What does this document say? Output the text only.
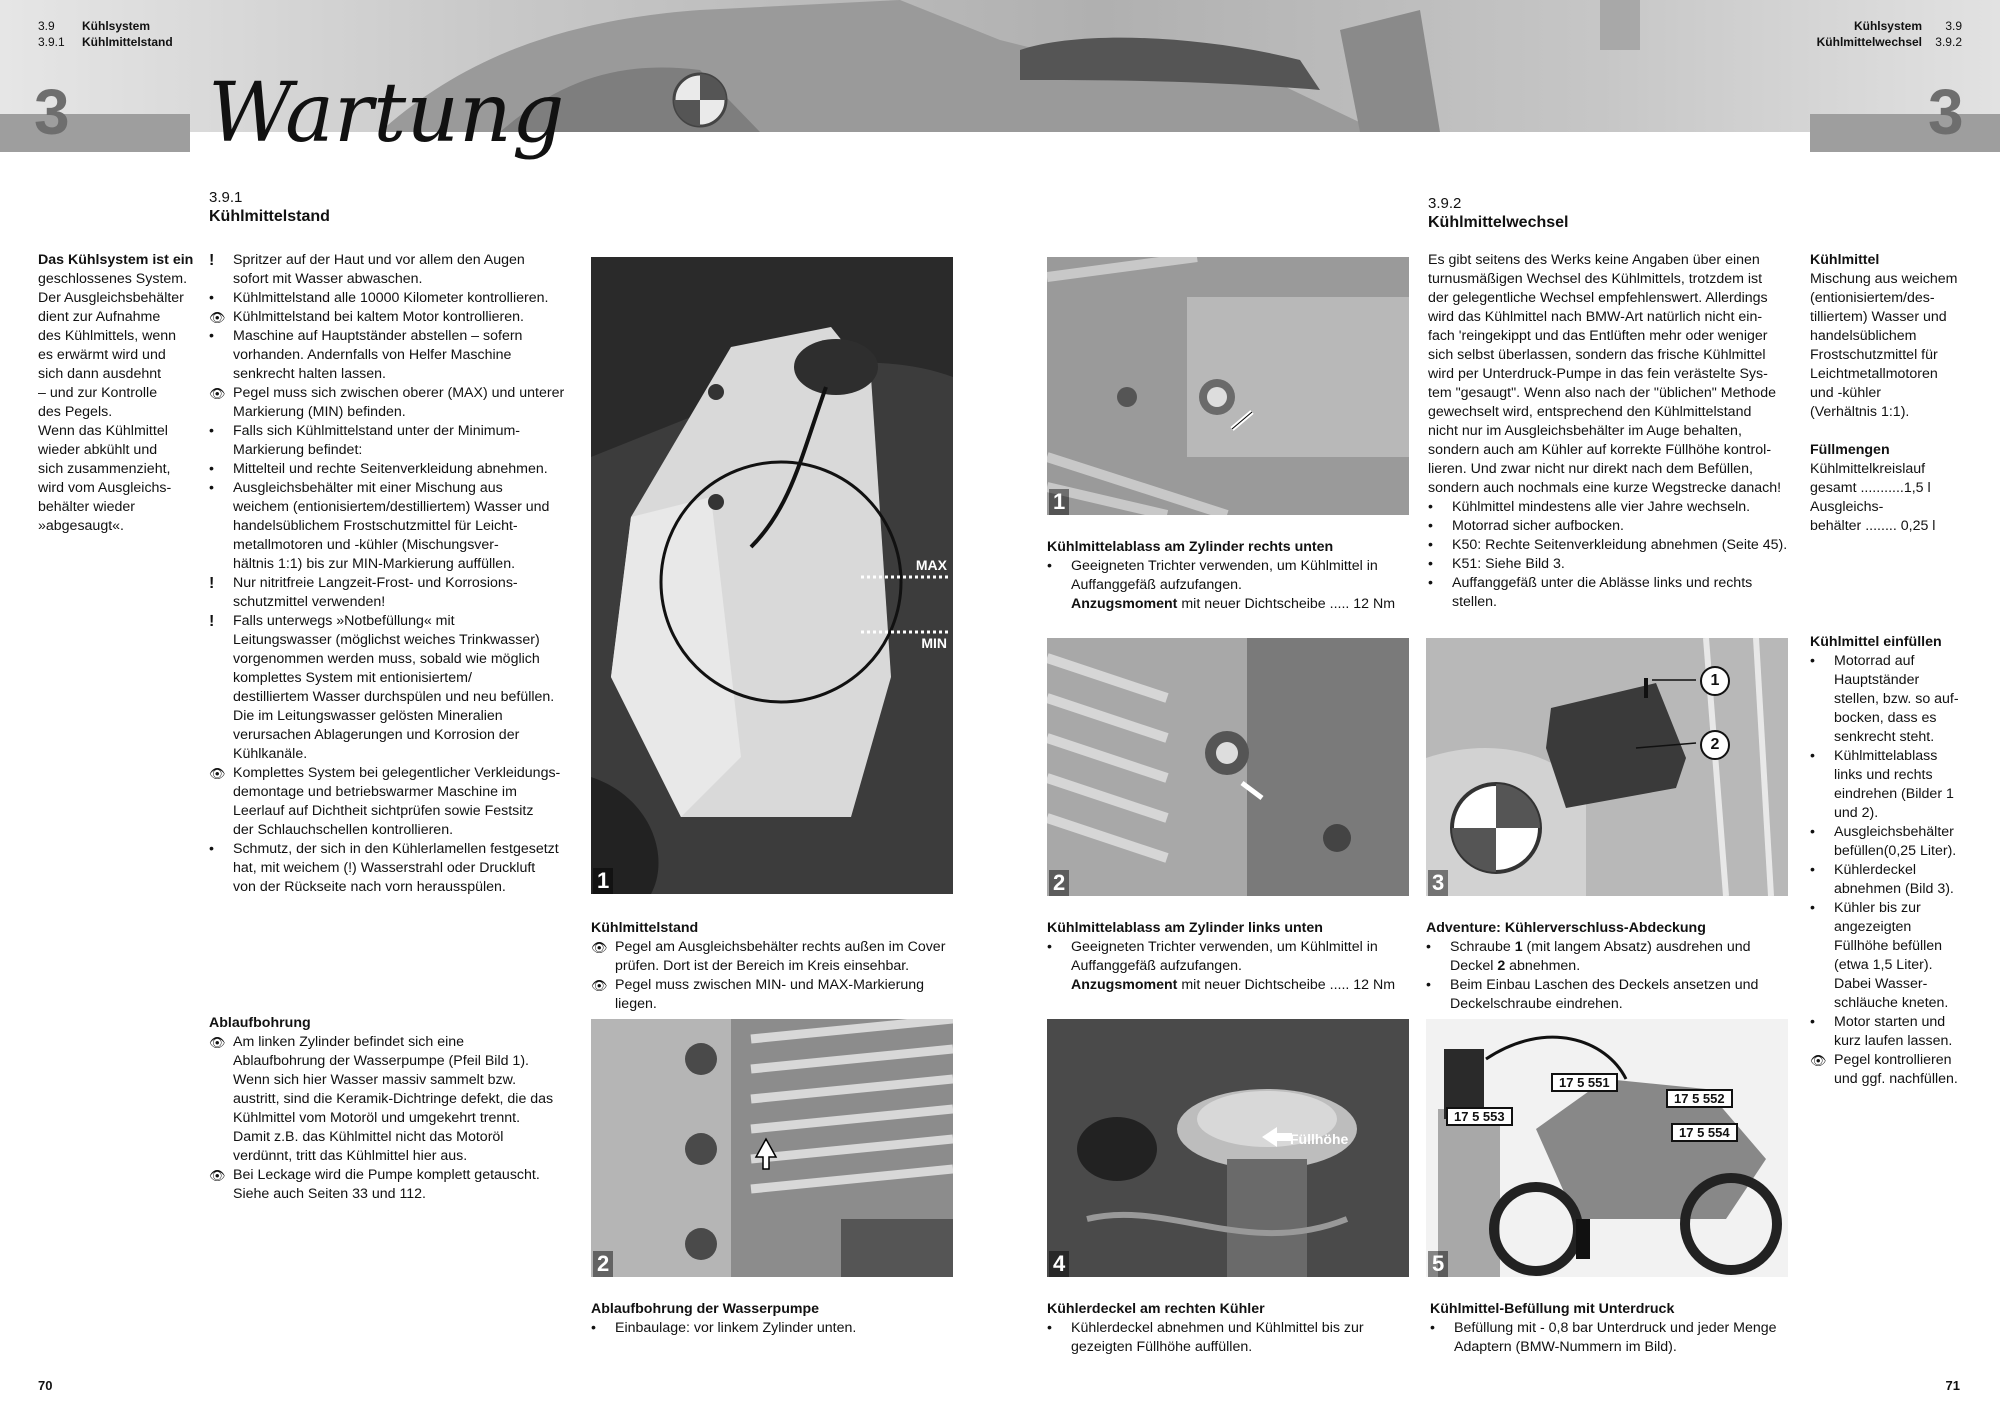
3.9 Kühlsystem
3.9.1 Kühlmittelstand
Kühlsystem 3.9
Kühlmittelwechsel 3.9.2
3	3
Wartung
3.9.1
Kühlmittelstand

Das Kühlsystem ist ein

geschlossenes System.

Der Ausgleichsbehälter

dient zur Aufnahme

des Kühlmittels, wenn

es erwärmt wird und

sich dann ausdehnt

– und zur Kontrolle

des Pegels.

Wenn das Kühlmittel

wieder abkühlt und

sich zusammenzieht,

wird vom Ausgleichs-

behälter wieder

»abgesaugt«.

!	Spritzer auf der Haut und vor allem den Augen
sofort mit Wasser abwaschen.
•	Kühlmittelstand alle 10000 Kilometer kontrollieren.
👁 Kühlmittelstand bei kaltem Motor kontrollieren.
•	Maschine auf Hauptständer abstellen – sofern
vorhanden. Andernfalls von Helfer Maschine
senkrecht halten lassen.
👁 Pegel muss sich zwischen oberer (MAX) und unterer
Markierung (MIN) befinden.
•	Falls sich Kühlmittelstand unter der Minimum-
Markierung befindet:
•	Mittelteil und rechte Seitenverkleidung abnehmen.
•	Ausgleichsbehälter mit einer Mischung aus
weichem (entionisiertem/destilliertem) Wasser und
handelsüblichem Frostschutzmittel für Leicht-
metallmotoren und -kühler (Mischungsver-
hältnis 1:1) bis zur MIN-Markierung auffüllen.
!	Nur nitritfreie Langzeit-Frost- und Korrosions-
schutzmittel verwenden!
!	Falls unterwegs »Notbefüllung« mit
Leitungswasser (möglichst weiches Trinkwasser)
vorgenommen werden muss, sobald wie möglich
komplettes System mit entionisiertem/
destilliertem Wasser durchspülen und neu befüllen.
Die im Leitungswasser gelösten Mineralien
verursachen Ablagerungen und Korrosion der
Kühlkanäle.
👁 Komplettes System bei gelegentlicher Verkleidungs-
demontage und betriebswarmer Maschine im
Leerlauf auf Dichtheit sichtprüfen sowie Festsitz
der Schlauchschellen kontrollieren.
•	Schmutz, der sich in den Kühlerlamellen festgesetzt
hat, mit weichem (!) Wasserstrahl oder Druckluft
von der Rückseite nach vorn herausspülen.
Ablaufbohrung
👁 Am linken Zylinder befindet sich eine
Ablaufbohrung der Wasserpumpe (Pfeil Bild 1).
Wenn sich hier Wasser massiv sammelt bzw.
austritt, sind die Keramik-Dichtringe defekt, die das
Kühlmittel vom Motoröl und umgekehrt trennt.
Damit z.B. das Kühlmittel nicht das Motoröl
verdünnt, tritt das Kühlmittel hier aus.
👁 Bei Leckage wird die Pumpe komplett getauscht.
Siehe auch Seiten 33 und 112.
MAX
MIN
1
Kühlmittelstand
👁 Pegel am Ausgleichsbehälter rechts außen im Cover
prüfen. Dort ist der Bereich im Kreis einsehbar.
👁 Pegel muss zwischen MIN- und MAX-Markierung
liegen.
2
Ablaufbohrung der Wasserpumpe
•	Einbaulage: vor linkem Zylinder unten.
1
Kühlmittelablass am Zylinder rechts unten
•	Geeigneten Trichter verwenden, um Kühlmittel in
Auffanggefäß aufzufangen.
Anzugsmoment mit neuer Dichtscheibe ..... 12 Nm
2
Kühlmittelablass am Zylinder links unten
•	Geeigneten Trichter verwenden, um Kühlmittel in
Auffanggefäß aufzufangen.
Anzugsmoment mit neuer Dichtscheibe ..... 12 Nm
Füllhöhe
4
Kühlerdeckel am rechten Kühler
•	Kühlerdeckel abnehmen und Kühlmittel bis zur
gezeigten Füllhöhe auffüllen.
3.9.2
Kühlmittelwechsel
Es gibt seitens des Werks keine Angaben über einen
turnusmäßigen Wechsel des Kühlmittels, trotzdem ist
der gelegentliche Wechsel empfehlenswert. Allerdings
wird das Kühlmittel nach BMW-Art natürlich nicht ein-
fach 'reingekippt und das Entlüften mehr oder weniger
sich selbst überlassen, sondern das frische Kühlmittel
wird per Unterdruck-Pumpe in das fein verästelte Sys-
tem "gesaugt". Wenn also nach der "üblichen" Methode
gewechselt wird, entsprechend den Kühlmittelstand
nicht nur im Ausgleichsbehälter im Auge behalten,
sondern auch am Kühler auf korrekte Füllhöhe kontrol-
lieren. Und zwar nicht nur direkt nach dem Befüllen,
sondern auch nochmals eine kurze Wegstrecke danach!
•	Kühlmittel mindestens alle vier Jahre wechseln.
•	Motorrad sicher aufbocken.
•	K50: Rechte Seitenverkleidung abnehmen (Seite 45).
•	K51: Siehe Bild 3.
•	Auffanggefäß unter die Ablässe links und rechts
stellen.
1
2
3
Adventure: Kühlerverschluss-Abdeckung
•	Schraube 1 (mit langem Absatz) ausdrehen und
Deckel 2 abnehmen.
•	Beim Einbau Laschen des Deckels ansetzen und
Deckelschraube eindrehen.
17 5 551
17 5 552
17 5 553
17 5 554
5
Kühlmittel-Befüllung mit Unterdruck
•	Befüllung mit - 0,8 bar Unterdruck und jeder Menge
Adaptern (BMW-Nummern im Bild).
Kühlmittel
Mischung aus weichem
(entionisiertem/des-
tilliertem) Wasser und
handelsüblichem
Frostschutzmittel für
Leichtmetallmotoren
und -kühler
(Verhältnis 1:1).
Füllmengen
Kühlmittelkreislauf
gesamt ...........1,5 l
Ausgleichs-
behälter ........ 0,25 l
Kühlmittel einfüllen
•	Motorrad auf
Hauptständer
stellen, bzw. so auf-
bocken, dass es
senkrecht steht.
•	Kühlmittelablass
links und rechts
eindrehen (Bilder 1
und 2).
•	Ausgleichsbehälter
befüllen(0,25 Liter).
•	Kühlerdeckel
abnehmen (Bild 3).
•	Kühler bis zur
angezeigten
Füllhöhe befüllen
(etwa 1,5 Liter).
Dabei Wasser-
schläuche kneten.
•	Motor starten und
kurz laufen lassen.
👁 Pegel kontrollieren
und ggf. nachfüllen.
70	71
